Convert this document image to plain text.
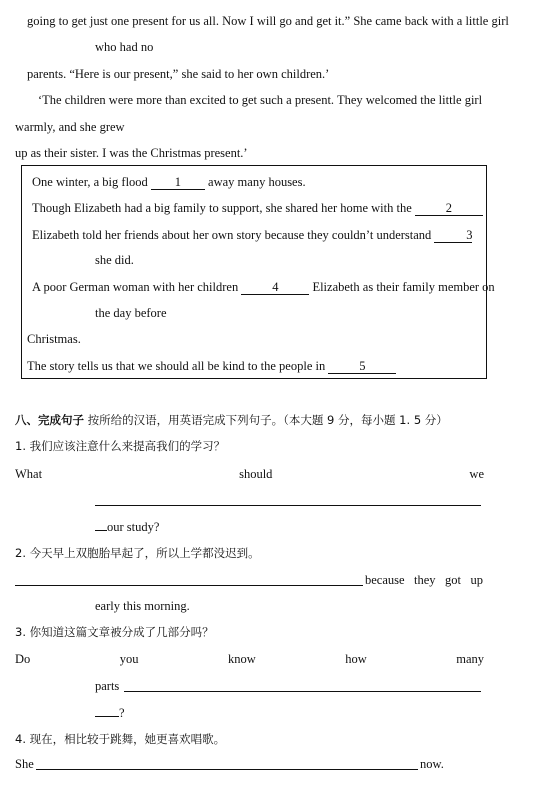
going to get just one present for us all. Now I will go and get it.” She came back with a little girl
who had no
parents. “Here is our present,” she said to her own children.’
‘The children were more than excited to get such a present. They welcomed the little girl
warmly, and she grew
up as their sister. I was the Christmas present.’
One winter, a big flood 1 away many houses.
Though Elizabeth had a big family to support, she shared her home with the	2
Elizabeth told her friends about her own story because they couldn’t understand	3
she did.
A poor German woman with her children	4	Elizabeth as their family member on
the day before
Christmas.
The story tells us that we should all be kind to the people in	5
八、完成句子 按所给的汉语，用英语完成下列句子。（本大题 9 分，每小题 1. 5 分）
1. 我们应该注意什么来提高我们的学习？
What	should	we
our study?
2. 今天早上双胞胎早起了，所以上学都没迟到。
because they got up
early this morning.
3. 你知道这篇文章被分成了几部分吗？
Do	you	know	how	many
parts
?
4. 现在，相比较于跳舞，她更喜欢唱歌。
She	now.
